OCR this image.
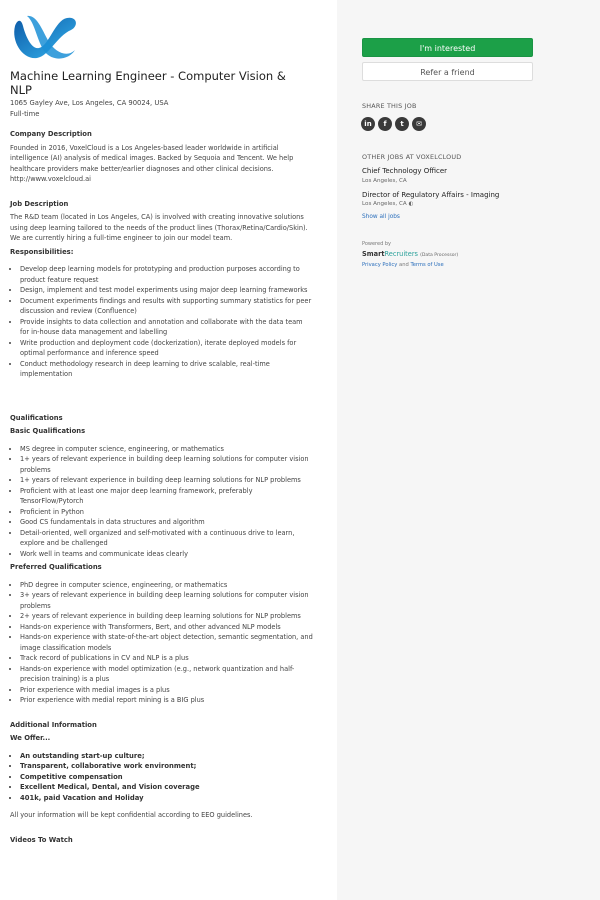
Machine Learning Engineer - Computer Vision & NLP
1065 Gayley Ave, Los Angeles, CA 90024, USA
Full-time
Company Description

Founded in 2016, VoxelCloud is a Los Angeles-based leader worldwide in artificial intelligence (AI) analysis of medical images. Backed by Sequoia and Tencent. We help healthcare providers make better/earlier diagnoses and other clinical decisions. http://www.voxelcloud.ai

Job Description

The R&D team (located in Los Angeles, CA) is involved with creating innovative solutions using deep learning tailored to the needs of the product lines (Thorax/Retina/Cardio/Skin). We are currently hiring a full-time engineer to join our model team.

Responsibilities:
• Develop deep learning models for prototyping and production purposes according to product feature request
• Design, implement and test model experiments using major deep learning frameworks
• Document experiments findings and results with supporting summary statistics for peer discussion and review (Confluence)
• Provide insights to data collection and annotation and collaborate with the data team for in-house data management and labelling
• Write production and deployment code (dockerization), iterate deployed models for optimal performance and inference speed
• Conduct methodology research in deep learning to drive scalable, real-time implementation
Qualifications
Basic Qualifications
• MS degree in computer science, engineering, or mathematics
• 1+ years of relevant experience in building deep learning solutions for computer vision problems
• 1+ years of relevant experience in building deep learning solutions for NLP problems
• Proficient with at least one major deep learning framework, preferably TensorFlow/Pytorch
• Proficient in Python
• Good CS fundamentals in data structures and algorithm
• Detail-oriented, well organized and self-motivated with a continuous drive to learn, explore and be challenged
• Work well in teams and communicate ideas clearly
Preferred Qualifications
• PhD degree in computer science, engineering, or mathematics
• 3+ years of relevant experience in building deep learning solutions for computer vision problems
• 2+ years of relevant experience in building deep learning solutions for NLP problems
• Hands-on experience with Transformers, Bert, and other advanced NLP models
• Hands-on experience with state-of-the-art object detection, semantic segmentation, and image classification models
• Track record of publications in CV and NLP is a plus
• Hands-on experience with model optimization (e.g., network quantization and half-precision training) is a plus
• Prior experience with medial images is a plus
• Prior experience with medial report mining is a BIG plus
Additional Information
We Offer...
• An outstanding start-up culture;
• Transparent, collaborative work environment;
• Competitive compensation
• Excellent Medical, Dental, and Vision coverage
• 401k, paid Vacation and Holiday

All your information will be kept confidential according to EEO guidelines.

Videos To Watch
I'm interested
Refer a friend
SHARE THIS JOB
in	f	t	✉
OTHER JOBS AT VOXELCLOUD
Chief Technology Officer
Los Angeles, CA
Director of Regulatory Affairs - Imaging
Los Angeles, CA ◐
Show all jobs
Powered by
SmartRecruiters (Data Processor)
Privacy Policy and Terms of Use
